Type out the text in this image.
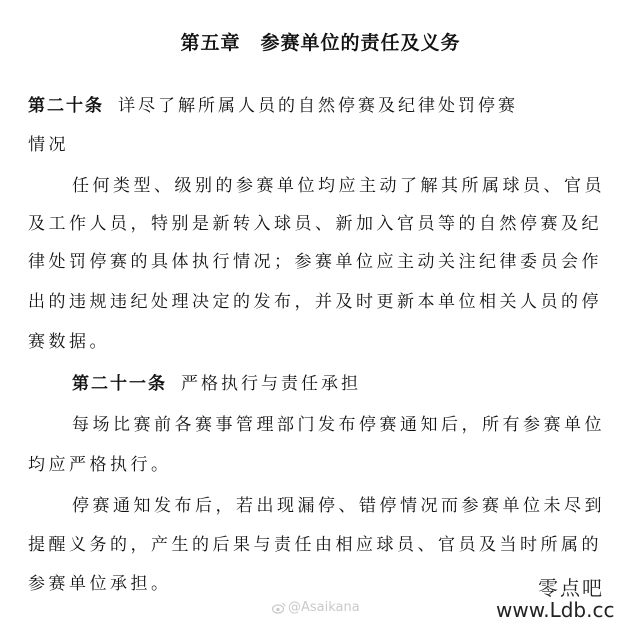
第五章　参赛单位的责任及义务
第二十条 详尽了解所属人员的自然停赛及纪律处罚停赛
情况
任何类型、级别的参赛单位均应主动了解其所属球员、官员
及工作人员，特别是新转入球员、新加入官员等的自然停赛及纪
律处罚停赛的具体执行情况；参赛单位应主动关注纪律委员会作
出的违规违纪处理决定的发布，并及时更新本单位相关人员的停
赛数据。
第二十一条 严格执行与责任承担
每场比赛前各赛事管理部门发布停赛通知后，所有参赛单位
均应严格执行。
停赛通知发布后，若出现漏停、错停情况而参赛单位未尽到
提醒义务的，产生的后果与责任由相应球员、官员及当时所属的
参赛单位承担。
@Asaikana
零点吧
www.Ldb.cc
